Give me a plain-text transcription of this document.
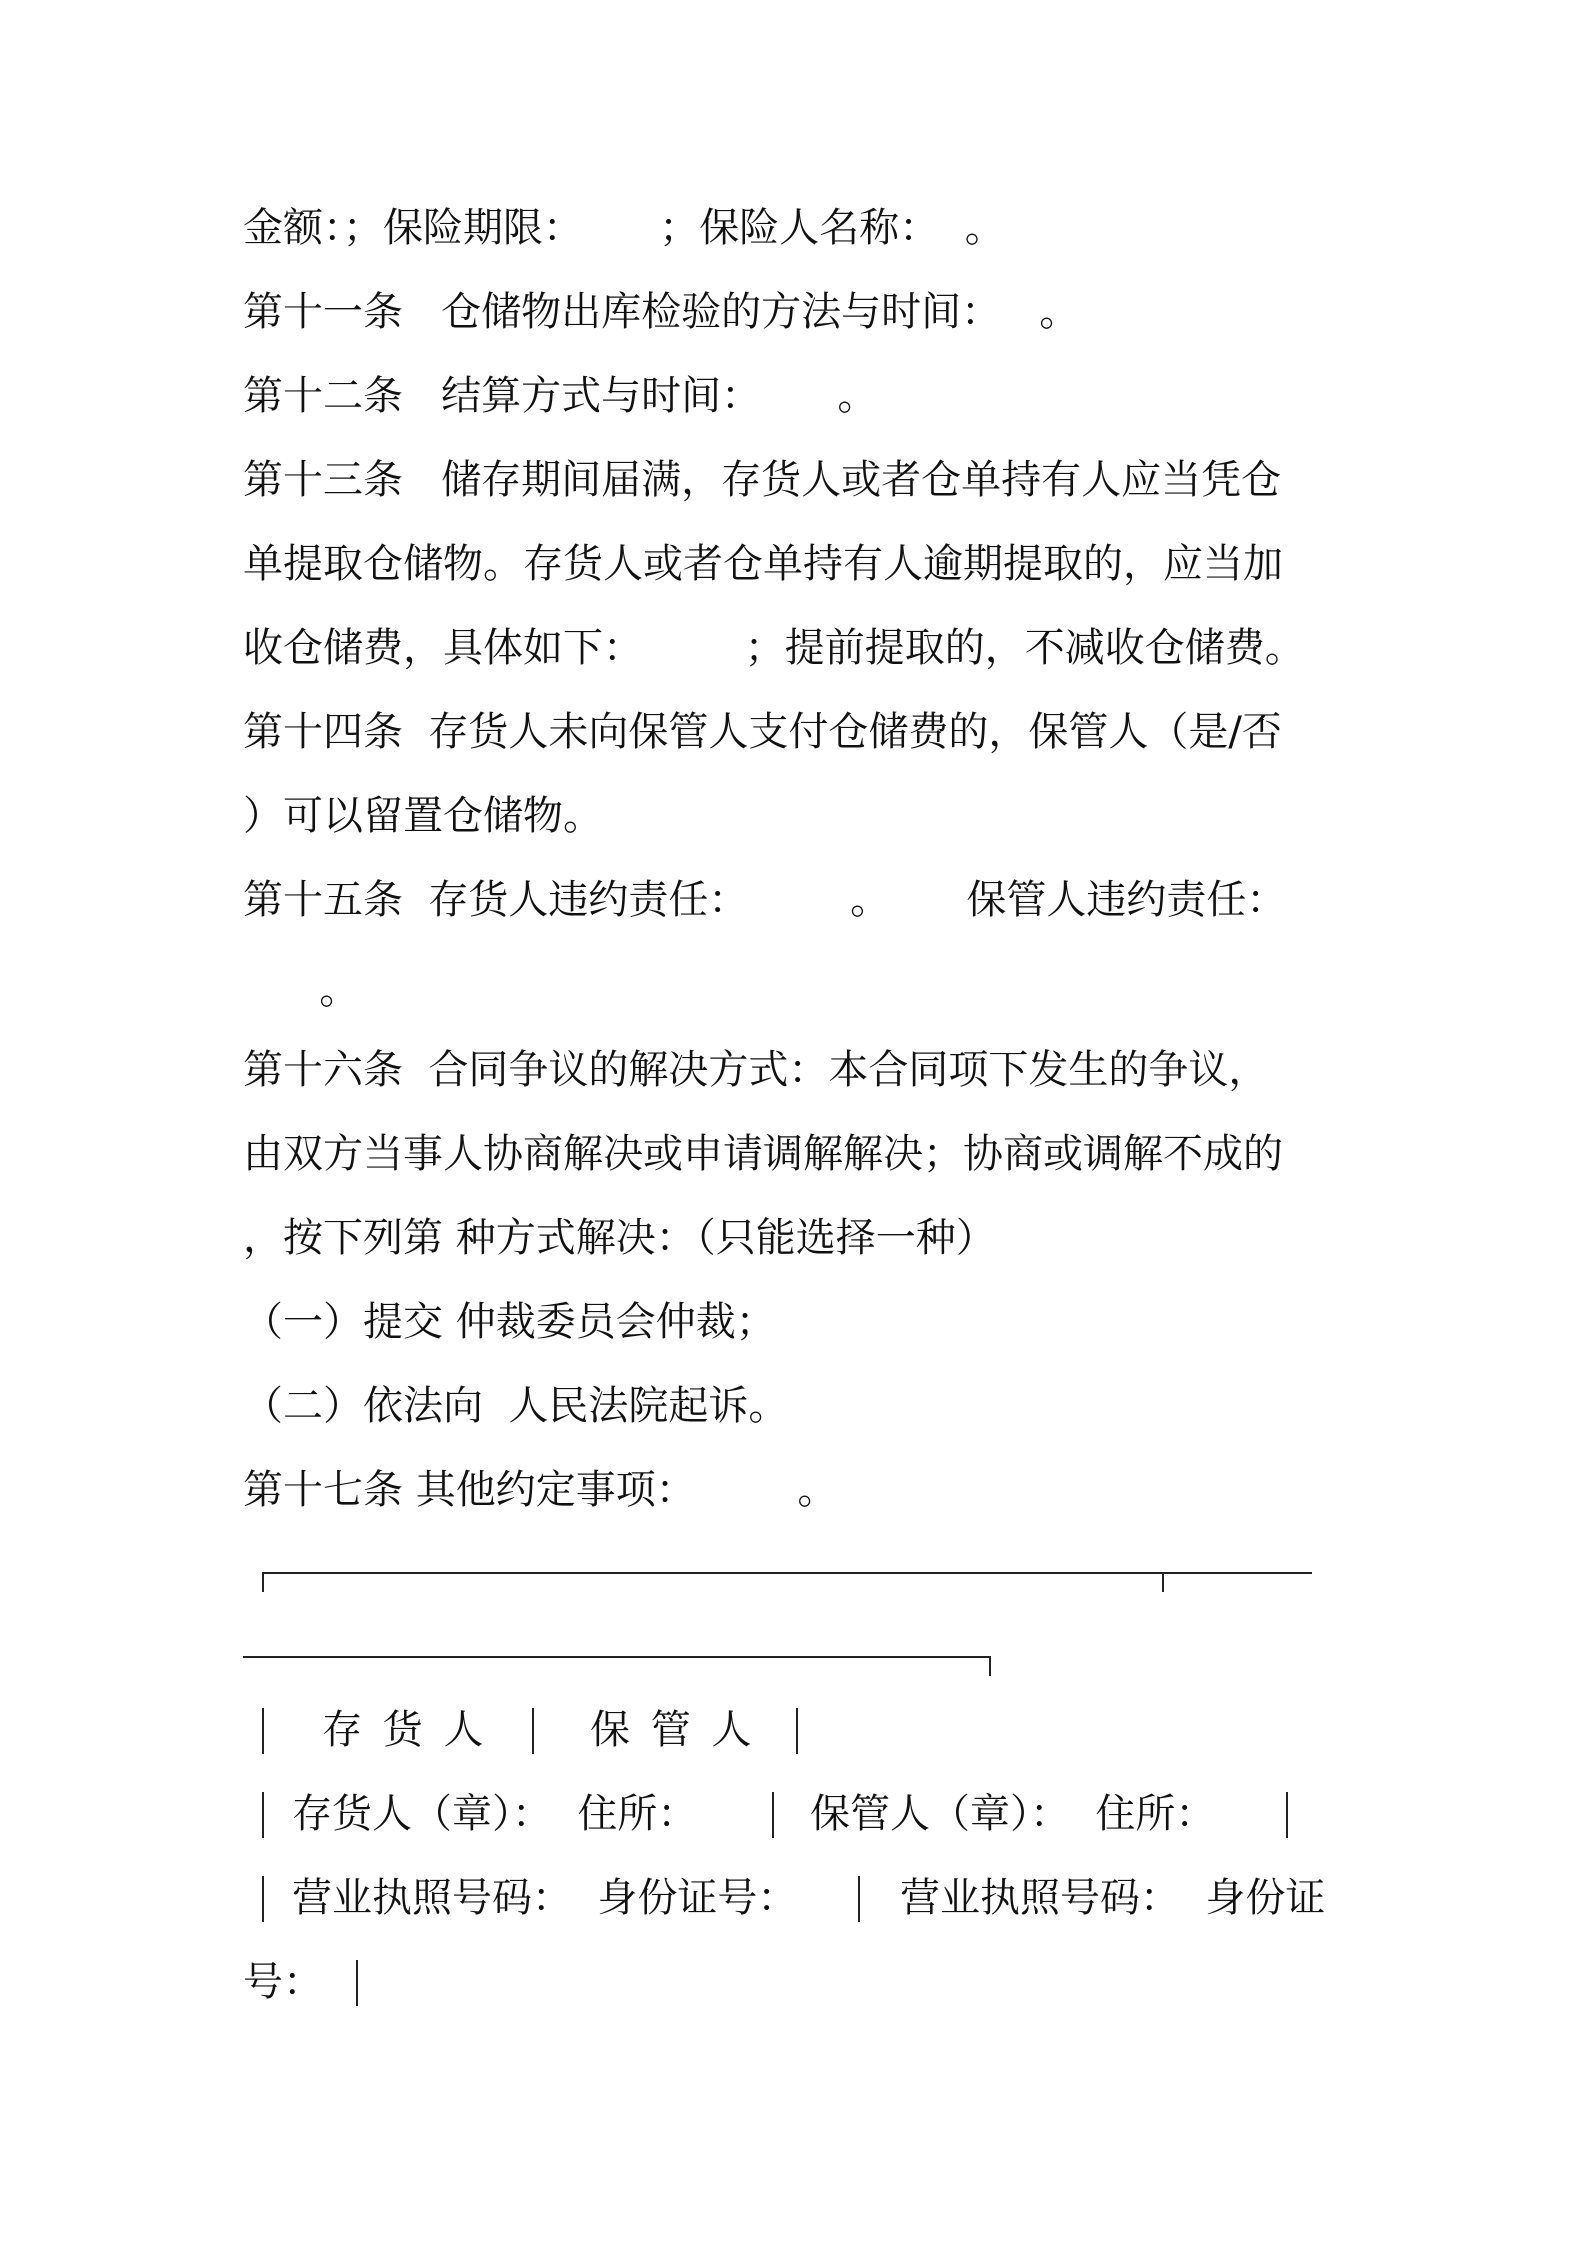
金额：；保险期限：      ；保险人名称：  。
第十一条   仓储物出库检验的方法与时间：   。
第十二条   结算方式与时间：      。
第十三条   储存期间届满，存货人或者仓单持有人应当凭仓
单提取仓储物。存货人或者仓单持有人逾期提取的，应当加
收仓储费，具体如下：        ；提前提取的，不减收仓储费。
第十四条  存货人未向保管人支付仓储费的，保管人（是/否
）可以留置仓储物。
第十五条  存货人违约责任：        。      保管人违约责任：
。
第十六条  合同争议的解决方式：本合同项下发生的争议，
由双方当事人协商解决或申请调解解决；协商或调解不成的
，按下列第 种方式解决：（只能选择一种）
（一）提交 仲裁委员会仲裁；
（二）依法向  人民法院起诉。
第十七条 其他约定事项：        。
存 货 人	保 管 人
存货人（章）：  住所：	保管人（章）：  住所：
营业执照号码：  身份证号：	营业执照号码：  身份证
号：
